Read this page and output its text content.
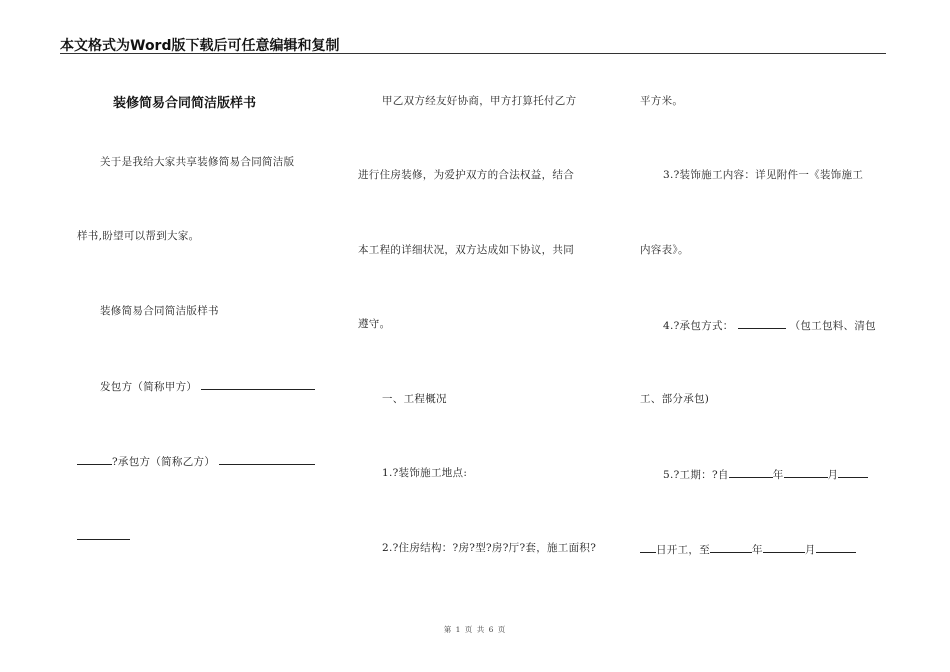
本文格式为Word版下载后可任意编辑和复制
装修简易合同简洁版样书
关于是我给大家共享装修简易合同简洁版
样书,盼望可以帮到大家。
装修简易合同简洁版样书
发包方（简称甲方）
?承包方（简称乙方）
甲乙双方经友好协商，甲方打算托付乙方
进行住房装修，为爱护双方的合法权益，结合
本工程的详细状况，双方达成如下协议，共同
遵守。
一、工程概况
1.?装饰施工地点:
2.?住房结构：?房?型?房?厅?套，施工面积?
平方米。
3.?装饰施工内容：详见附件一《装饰施工
内容表》。
4.?承包方式：	（包工包料、清包
工、部分承包)
5.?工期：?自	年	月
日开工，至	年	月
第 1 页 共 6 页
